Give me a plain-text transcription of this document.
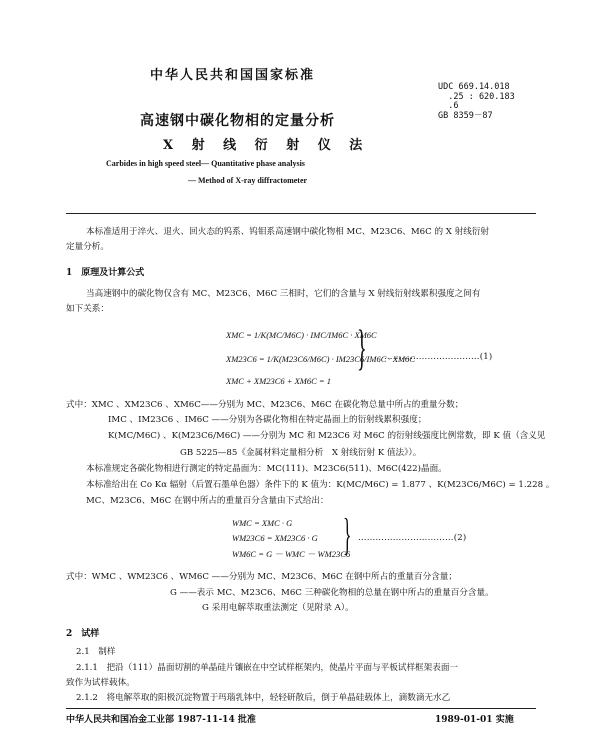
中华人民共和国国家标准
UDC 669.14.018
.25 : 620.183
.6
GB 8359－87
高速钢中碳化物相的定量分析
X 射 线 衍 射 仪 法
Carbides in high speed steel— Quantitative phase analysis
— Method of X-ray diffractometer
本标准适用于淬火、退火、回火态的钨系、钨钼系高速钢中碳化物相 MC、M23C6、M6C 的 X 射线衍射
定量分析。
1　原理及计算公式
当高速钢中的碳化物仅含有 MC、M23C6、M6C 三相时，它们的含量与 X 射线衍射线累积强度之间有
如下关系：
XMC = 1/K(MC/M6C) · IMC/IM6C · XM6C
XM23C6 = 1/K(M23C6/M6C) · IM23C6/IM6C · XM6C
XMC + XM23C6 + XM6C = 1
} ……………………………(1)
式中：XMC 、XM23C6 、XM6C——分别为 MC、M23C6、M6C 在碳化物总量中所占的重量分数；
IMC 、IM23C6 、IM6C ——分别为各碳化物相在特定晶面上的衍射线累积强度；
K(MC/M6C) 、K(M23C6/M6C) ——分别为 MC 和 M23C6 对 M6C 的衍射线强度比例常数，即 K 值（含义见
GB 5225—85《金属材料定量相分析　X 射线衍射 K 值法》）。
本标准规定各碳化物相进行测定的特定晶面为：MC(111)、M23C6(511)、M6C(422)晶面。
本标准给出在 Co Kα 辐射（后置石墨单色器）条件下的 K 值为：K(MC/M6C) = 1.877 、K(M23C6/M6C) = 1.228 。
MC、M23C6、M6C 在钢中所占的重量百分含量由下式给出：
WMC = XMC · G
WM23C6 = XM23C6 · G
WM6C = G － WMC － WM23C6
} ……………………………(2)
式中：WMC 、WM23C6 、WM6C ——分别为 MC、M23C6、M6C 在钢中所占的重量百分含量；
G ——表示 MC、M23C6、M6C 三种碳化物相的总量在钢中所占的重量百分含量。
G 采用电解萃取重法测定（见附录 A）。
2　试样
2.1　制样
2.1.1　把沿（111）晶面切割的单晶硅片镶嵌在中空试样框架内，使晶片平面与平板试样框架表面一
致作为试样载体。
2.1.2　将电解萃取的阳极沉淀物置于玛瑙乳钵中，轻轻研散后，倒于单晶硅载体上，滴数滴无水乙
中华人民共和国冶金工业部 1987-11-14 批准	1989-01-01 实施
